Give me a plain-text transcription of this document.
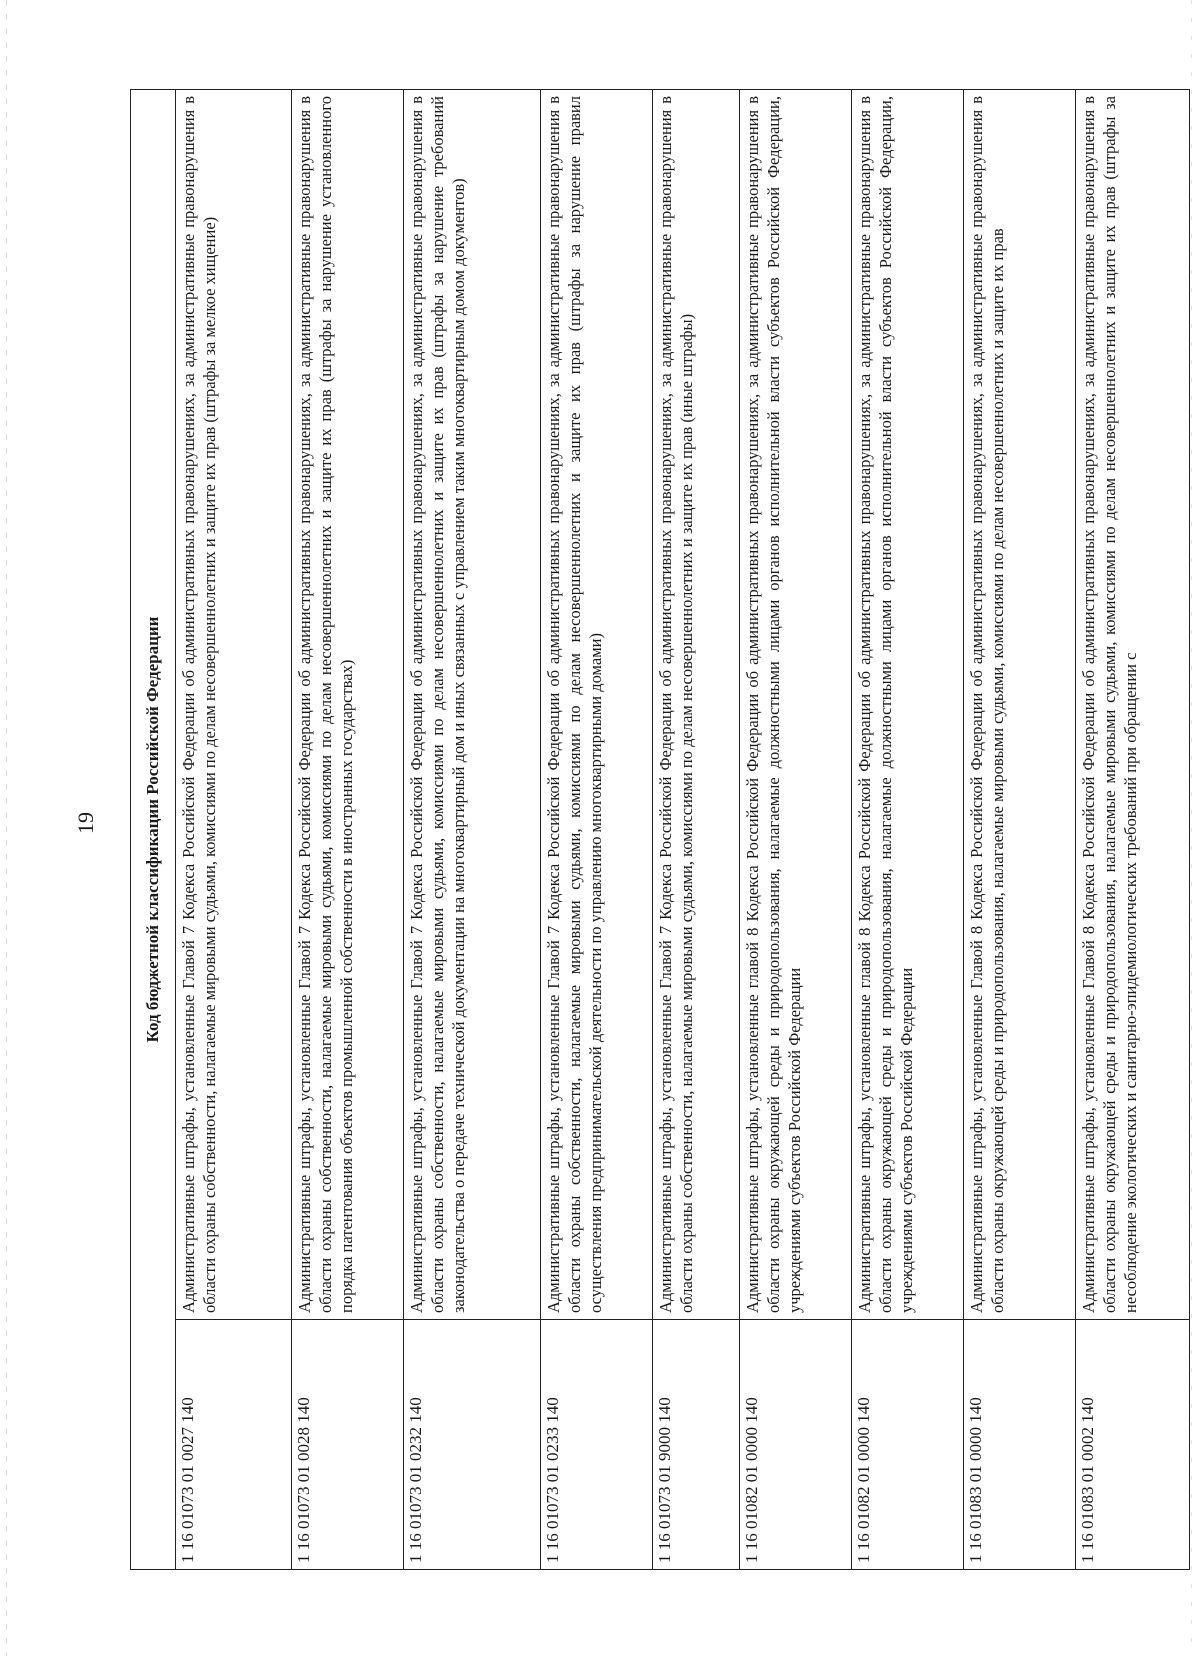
19	Код бюджетной классификации Российской Федерации	
1 16 01073 01 0027 140	Административные штрафы, установленные Главой 7 Кодекса Российской Федерации об административных правонарушениях, за административные правонарушения в области охраны собственности, налагаемые мировыми судьями, комиссиями по делам несовершеннолетних и защите их прав (штрафы за мелкое хищение)
1 16 01073 01 0028 140	Административные штрафы, установленные Главой 7 Кодекса Российской Федерации об административных правонарушениях, за административные правонарушения в области охраны собственности, налагаемые мировыми судьями, комиссиями по делам несовершеннолетних и защите их прав (штрафы за нарушение установленного порядка патентования объектов промышленной собственности в иностранных государствах)
1 16 01073 01 0232 140	Административные штрафы, установленные Главой 7 Кодекса Российской Федерации об административных правонарушениях, за административные правонарушения в области охраны собственности, налагаемые мировыми судьями, комиссиями по делам несовершеннолетних и защите их прав (штрафы за нарушение требований законодательства о передаче технической документации на многоквартирный дом и иных связанных с управлением таким многоквартирным домом документов)
1 16 01073 01 0233 140	Административные штрафы, установленные Главой 7 Кодекса Российской Федерации об административных правонарушениях, за административные правонарушения в области охраны собственности, налагаемые мировыми судьями, комиссиями по делам несовершеннолетних и защите их прав (штрафы за нарушение правил осуществления предпринимательской деятельности по управлению многоквартирными домами)
1 16 01073 01 9000 140	Административные штрафы, установленные Главой 7 Кодекса Российской Федерации об административных правонарушениях, за административные правонарушения в области охраны собственности, налагаемые мировыми судьями, комиссиями по делам несовершеннолетних и защите их прав (иные штрафы)
1 16 01082 01 0000 140	Административные штрафы, установленные главой 8 Кодекса Российской Федерации об административных правонарушениях, за административные правонарушения в области охраны окружающей среды и природопользования, налагаемые должностными лицами органов исполнительной власти субъектов Российской Федерации, учреждениями субъектов Российской Федерации
1 16 01082 01 0000 140	Административные штрафы, установленные главой 8 Кодекса Российской Федерации об административных правонарушениях, за административные правонарушения в области охраны окружающей среды и природопользования, налагаемые должностными лицами органов исполнительной власти субъектов Российской Федерации, учреждениями субъектов Российской Федерации
1 16 01083 01 0000 140	Административные штрафы, установленные Главой 8 Кодекса Российской Федерации об административных правонарушениях, за административные правонарушения в области охраны окружающей среды и природопользования, налагаемые мировыми судьями, комиссиями по делам несовершеннолетних и защите их прав
1 16 01083 01 0002 140	Административные штрафы, установленные Главой 8 Кодекса Российской Федерации об административных правонарушениях, за административные правонарушения в области охраны окружающей среды и природопользования, налагаемые мировыми судьями, комиссиями по делам несовершеннолетних и защите их прав (штрафы за несоблюдение экологических и санитарно-эпидемиологических требований при обращении с
